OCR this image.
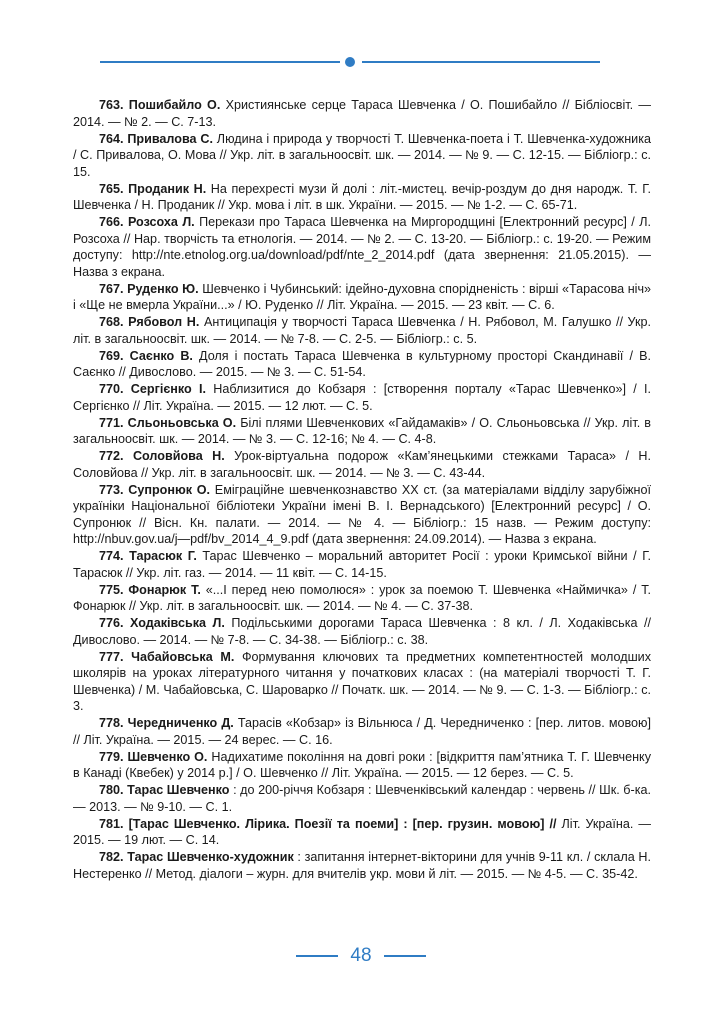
763. Пошибайло О. Християнське серце Тараса Шевченка / О. Пошибайло // Бібліосвіт. — 2014. — № 2. — С. 7-13.

764. Привалова С. Людина і природа у творчості Т. Шевченка-поета і Т. Шевченка-художника / С. Привалова, О. Мова // Укр. літ. в загальноосвіт. шк. — 2014. — № 9. — С. 12-15. — Бібліогр.: с. 15.

765. Проданик Н. На перехресті музи й долі : літ.-мистец. вечір-роздум до дня народж. Т. Г. Шевченка / Н. Проданик // Укр. мова і літ. в шк. України. — 2015. — № 1-2. — С. 65-71.

766. Розсоха Л. Перекази про Тараса Шевченка на Миргородщині [Електронний ресурс] / Л. Розсоха // Нар. творчість та етнологія. — 2014. — № 2. — С. 13-20. — Бібліогр.: с. 19-20. — Режим доступу: http://nte.etnolog.org.ua/download/pdf/nte_2_2014.pdf (дата звернення: 21.05.2015). — Назва з екрана.

767. Руденко Ю. Шевченко і Чубинський: ідейно-духовна спорідненість : вірші «Тарасова ніч» і «Ще не вмерла України...» / Ю. Руденко // Літ. Україна. — 2015. — 23 квіт. — С. 6.

768. Рябовол Н. Антиципація у творчості Тараса Шевченка / Н. Рябовол, М. Галушко // Укр. літ. в загальноосвіт. шк. — 2014. — № 7-8. — С. 2-5. — Бібліогр.: с. 5.

769. Саєнко В. Доля і постать Тараса Шевченка в культурному просторі Скандинавії / В. Саєнко // Дивослово. — 2015. — № 3. — С. 51-54.

770. Сергієнко І. Наблизитися до Кобзаря : [створення порталу «Тарас Шевченко»] / І. Сергієнко // Літ. Україна. — 2015. — 12 лют. — С. 5.

771. Сльоньовська О. Білі плями Шевченкових «Гайдамаків» / О. Сльоньовська // Укр. літ. в загальноосвіт. шк. — 2014. — № 3. — С. 12-16; № 4. — С. 4-8.

772. Соловйова Н. Урок-віртуальна подорож «Кам’янецькими стежками Тараса» / Н. Соловйова // Укр. літ. в загальноосвіт. шк. — 2014. — № 3. — С. 43-44.

773. Супронюк О. Еміграційне шевченкознавство ХХ ст. (за матеріалами відділу зарубіжної україніки Національної бібліотеки України імені В. І. Вернадського) [Електронний ресурс] / О. Супронюк // Вісн. Кн. палати. — 2014. — № 4. — Бібліогр.: 15 назв. — Режим доступу: http://nbuv.gov.ua/j—pdf/bv_2014_4_9.pdf (дата звернення: 24.09.2014). — Назва з екрана.

774. Тарасюк Г. Тарас Шевченко – моральний авторитет Росії : уроки Кримської війни / Г. Тарасюк // Укр. літ. газ. — 2014. — 11 квіт. — С. 14-15.

775. Фонарюк Т. «...І перед нею помолюся» : урок за поемою Т. Шевченка «Наймичка» / Т. Фонарюк // Укр. літ. в загальноосвіт. шк. — 2014. — № 4. — С. 37-38.

776. Ходаківська Л. Подільськими дорогами Тараса Шевченка : 8 кл. / Л. Ходаківська // Дивослово. — 2014. — № 7-8. — С. 34-38. — Бібліогр.: с. 38.

777. Чабайовська М. Формування ключових та предметних компетентностей молодших школярів на уроках літературного читання у початкових класах : (на матеріалі творчості Т. Г. Шевченка) / М. Чабайовська, С. Шароварко // Початк. шк. — 2014. — № 9. — С. 1-3. — Бібліогр.: с. 3.

778. Чередниченко Д. Тарасів «Кобзар» із Вільнюса / Д. Чередниченко : [пер. литов. мовою] // Літ. Україна. — 2015. — 24 верес. — С. 16.

779. Шевченко О. Надихатиме покоління на довгі роки : [відкриття пам’ятника Т. Г. Шевченку в Канаді (Квебек) у 2014 р.] / О. Шевченко // Літ. Україна. — 2015. — 12 берез. — С. 5.

780. Тарас Шевченко : до 200-річчя Кобзаря : Шевченківський календар : червень // Шк. б-ка. — 2013. — № 9-10. — С. 1.

781. [Тарас Шевченко. Лірика. Поезії та поеми] : [пер. грузин. мовою] // Літ. Україна. — 2015. — 19 лют. — С. 14.

782. Тарас Шевченко-художник : запитання інтернет-вікторини для учнів 9-11 кл. / склала Н. Нестеренко // Метод. діалоги – журн. для вчителів укр. мови й літ. — 2015. — № 4-5. — С. 35-42.

48
